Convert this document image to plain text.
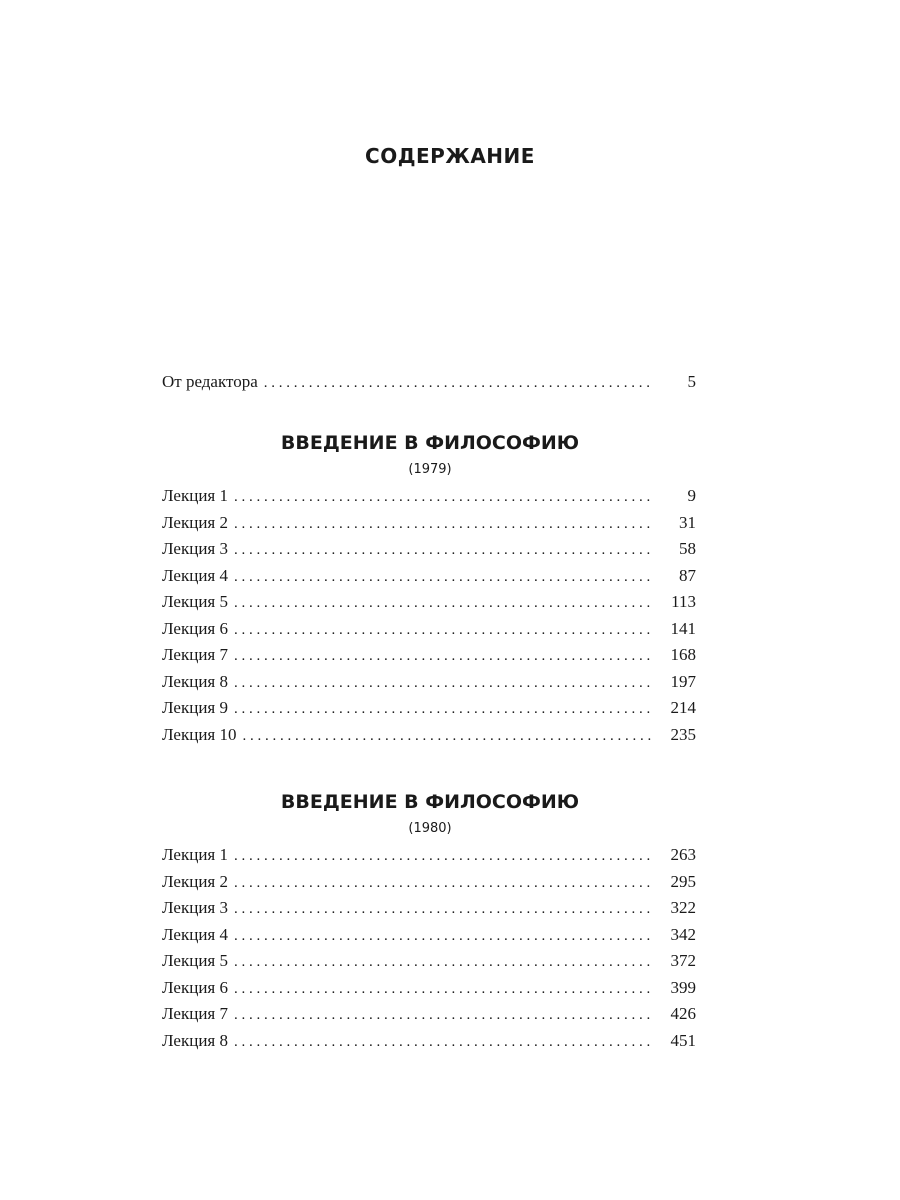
СОДЕРЖАНИЕ
От редактора . . .	5
ВВЕДЕНИЕ В ФИЛОСОФИЮ
(1979)
Лекция 1 . . .	9
Лекция 2 . . .	31
Лекция 3 . . .	58
Лекция 4 . . .	87
Лекция 5 . . .	113
Лекция 6 . . .	141
Лекция 7 . . .	168
Лекция 8 . . .	197
Лекция 9 . . .	214
Лекция 10 . . .	235
ВВЕДЕНИЕ В ФИЛОСОФИЮ
(1980)
Лекция 1 . . .	263
Лекция 2 . . .	295
Лекция 3 . . .	322
Лекция 4 . . .	342
Лекция 5 . . .	372
Лекция 6 . . .	399
Лекция 7 . . .	426
Лекция 8 . . .	451
